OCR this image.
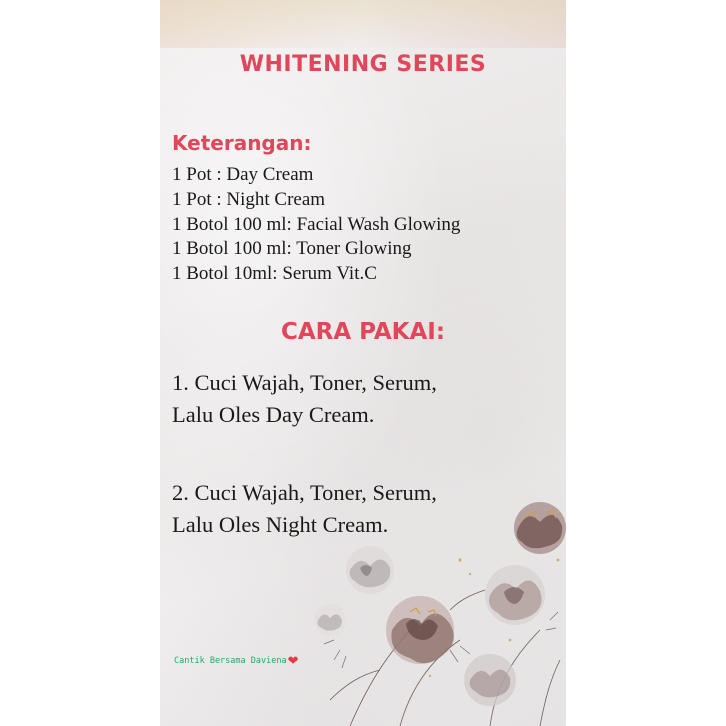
WHITENING SERIES
Keterangan:
1 Pot : Day Cream
1 Pot : Night Cream
1 Botol 100 ml: Facial Wash Glowing
1 Botol 100 ml: Toner Glowing
1 Botol 10ml: Serum Vit.C
CARA PAKAI:

1. Cuci Wajah, Toner, Serum, Lalu Oles Day Cream.

2. Cuci Wajah, Toner, Serum, Lalu Oles Night Cream.

Cantik Bersama Daviena❤
